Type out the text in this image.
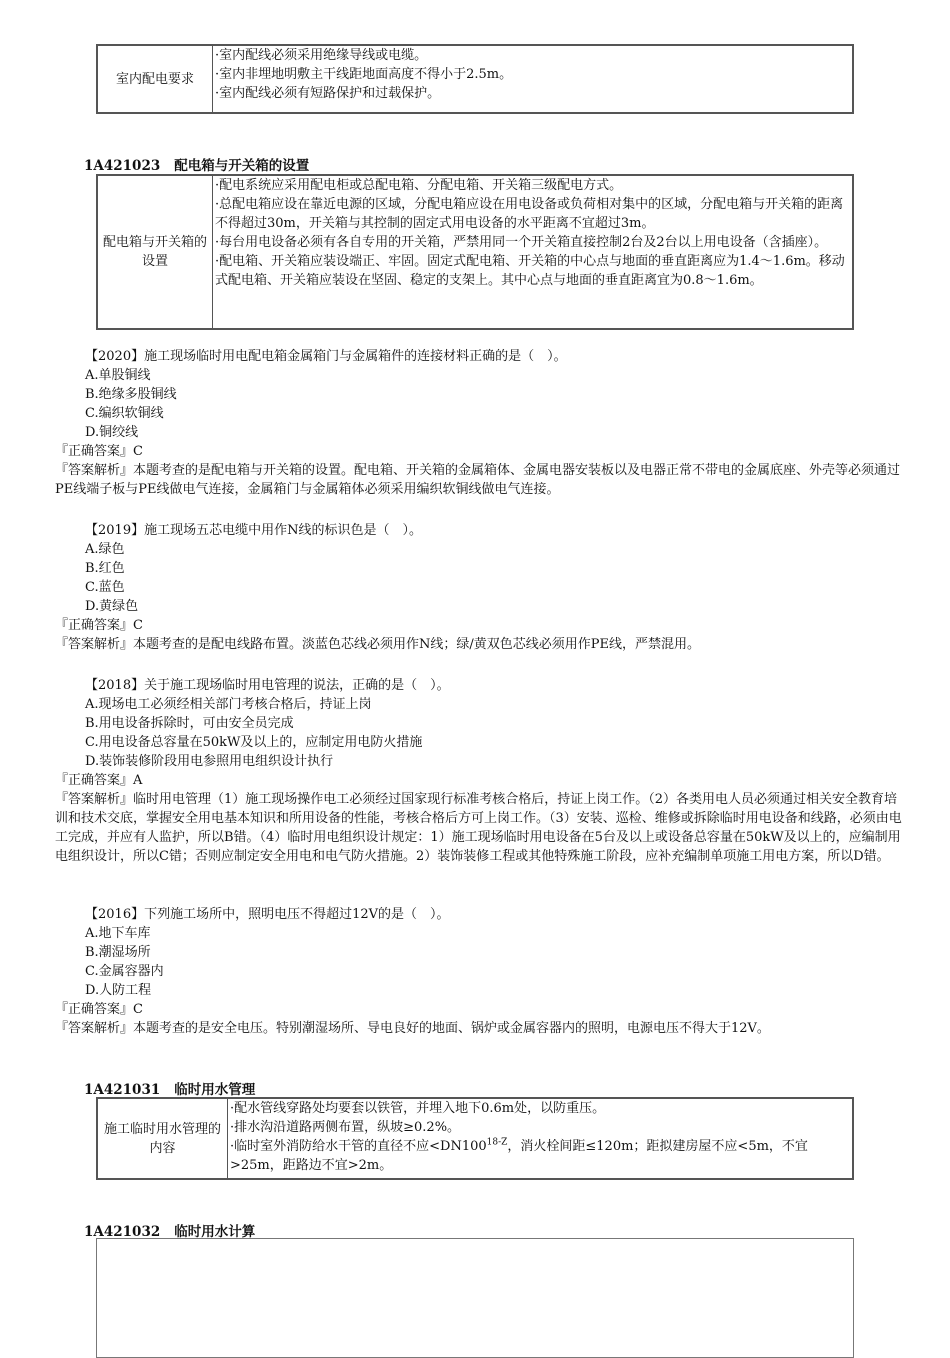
室内配电要求
·室内配线必须采用绝缘导线或电缆。
·室内非埋地明敷主干线距地面高度不得小于2.5m。
·室内配线必须有短路保护和过载保护。
1A421023 配电箱与开关箱的设置
配电箱与开关箱的设置
·配电系统应采用配电柜或总配电箱、分配电箱、开关箱三级配电方式。
·总配电箱应设在靠近电源的区域，分配电箱应设在用电设备或负荷相对集中的区域，分配电箱与开关箱的距离不得超过30m，开关箱与其控制的固定式用电设备的水平距离不宜超过3m。
·每台用电设备必须有各自专用的开关箱，严禁用同一个开关箱直接控制2台及2台以上用电设备（含插座）。
·配电箱、开关箱应装设端正、牢固。固定式配电箱、开关箱的中心点与地面的垂直距离应为1.4～1.6m。移动式配电箱、开关箱应装设在坚固、稳定的支架上。其中心点与地面的垂直距离宜为0.8～1.6m。
【2020】施工现场临时用电配电箱金属箱门与金属箱件的连接材料正确的是（　）。
A.单股铜线
B.绝缘多股铜线
C.编织软铜线
D.铜绞线
『正确答案』C
『答案解析』本题考查的是配电箱与开关箱的设置。配电箱、开关箱的金属箱体、金属电器安装板以及电器正常不带电的金属底座、外壳等必须通过PE线端子板与PE线做电气连接，金属箱门与金属箱体必须采用编织软铜线做电气连接。
【2019】施工现场五芯电缆中用作N线的标识色是（　）。
A.绿色
B.红色
C.蓝色
D.黄绿色
『正确答案』C
『答案解析』本题考查的是配电线路布置。淡蓝色芯线必须用作N线；绿/黄双色芯线必须用作PE线，严禁混用。
【2018】关于施工现场临时用电管理的说法，正确的是（　）。
A.现场电工必须经相关部门考核合格后，持证上岗
B.用电设备拆除时，可由安全员完成
C.用电设备总容量在50kW及以上的，应制定用电防火措施
D.装饰装修阶段用电参照用电组织设计执行
『正确答案』A
『答案解析』临时用电管理（1）施工现场操作电工必须经过国家现行标准考核合格后，持证上岗工作。（2）各类用电人员必须通过相关安全教育培训和技术交底，掌握安全用电基本知识和所用设备的性能，考核合格后方可上岗工作。（3）安装、巡检、维修或拆除临时用电设备和线路，必须由电工完成，并应有人监护，所以B错。（4）临时用电组织设计规定：1）施工现场临时用电设备在5台及以上或设备总容量在50kW及以上的，应编制用电组织设计，所以C错；否则应制定安全用电和电气防火措施。2）装饰装修工程或其他特殊施工阶段，应补充编制单项施工用电方案，所以D错。
【2016】下列施工场所中，照明电压不得超过12V的是（　）。
A.地下车库
B.潮湿场所
C.金属容器内
D.人防工程
『正确答案』C
『答案解析』本题考查的是安全电压。特别潮湿场所、导电良好的地面、锅炉或金属容器内的照明，电源电压不得大于12V。
1A421031 临时用水管理
施工临时用水管理的内容
·配水管线穿路处均要套以铁管，并埋入地下0.6m处，以防重压。
·排水沟沿道路两侧布置，纵坡≥0.2%。
·临时室外消防给水干管的直径不应$<DN100^{18-Z}$，消火栓间距≤120m；距拟建房屋不应<5m，不宜>25m，距路边不宜>2m。
1A421032 临时用水计算
